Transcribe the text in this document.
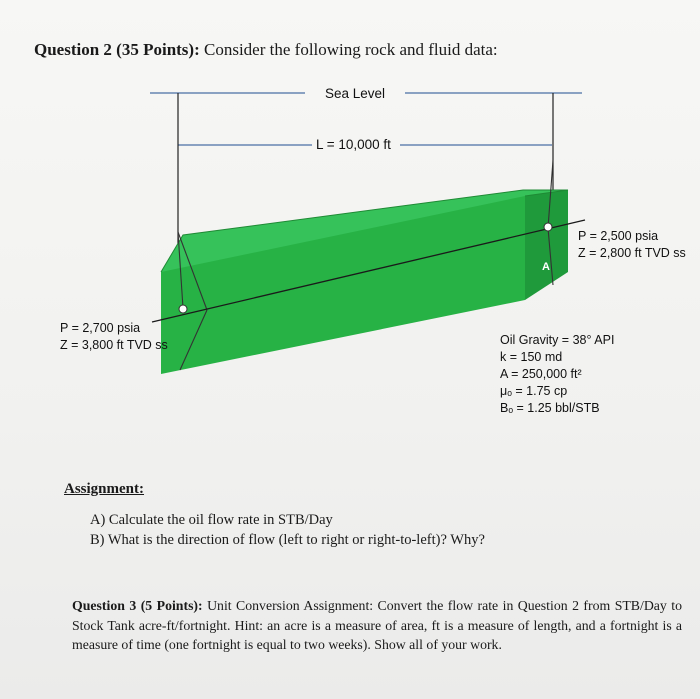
Question 2 (35 Points): Consider the following rock and fluid data:
A
Sea Level
L = 10,000 ft
P = 2,700 psia
Z = 3,800 ft TVD ss
P = 2,500 psia
Z = 2,800 ft TVD ss
Oil Gravity = 38° API
k = 150 md
A = 250,000 ft²
μₒ = 1.75 cp
Bₒ = 1.25 bbl/STB
Assignment:
A) Calculate the oil flow rate in STB/Day
B) What is the direction of flow (left to right or right-to-left)? Why?
Question 3 (5 Points): Unit Conversion Assignment: Convert the flow rate in Question 2 from STB/Day to Stock Tank acre-ft/fortnight. Hint: an acre is a measure of area, ft is a measure of length, and a fortnight is a measure of time (one fortnight is equal to two weeks). Show all of your work.
